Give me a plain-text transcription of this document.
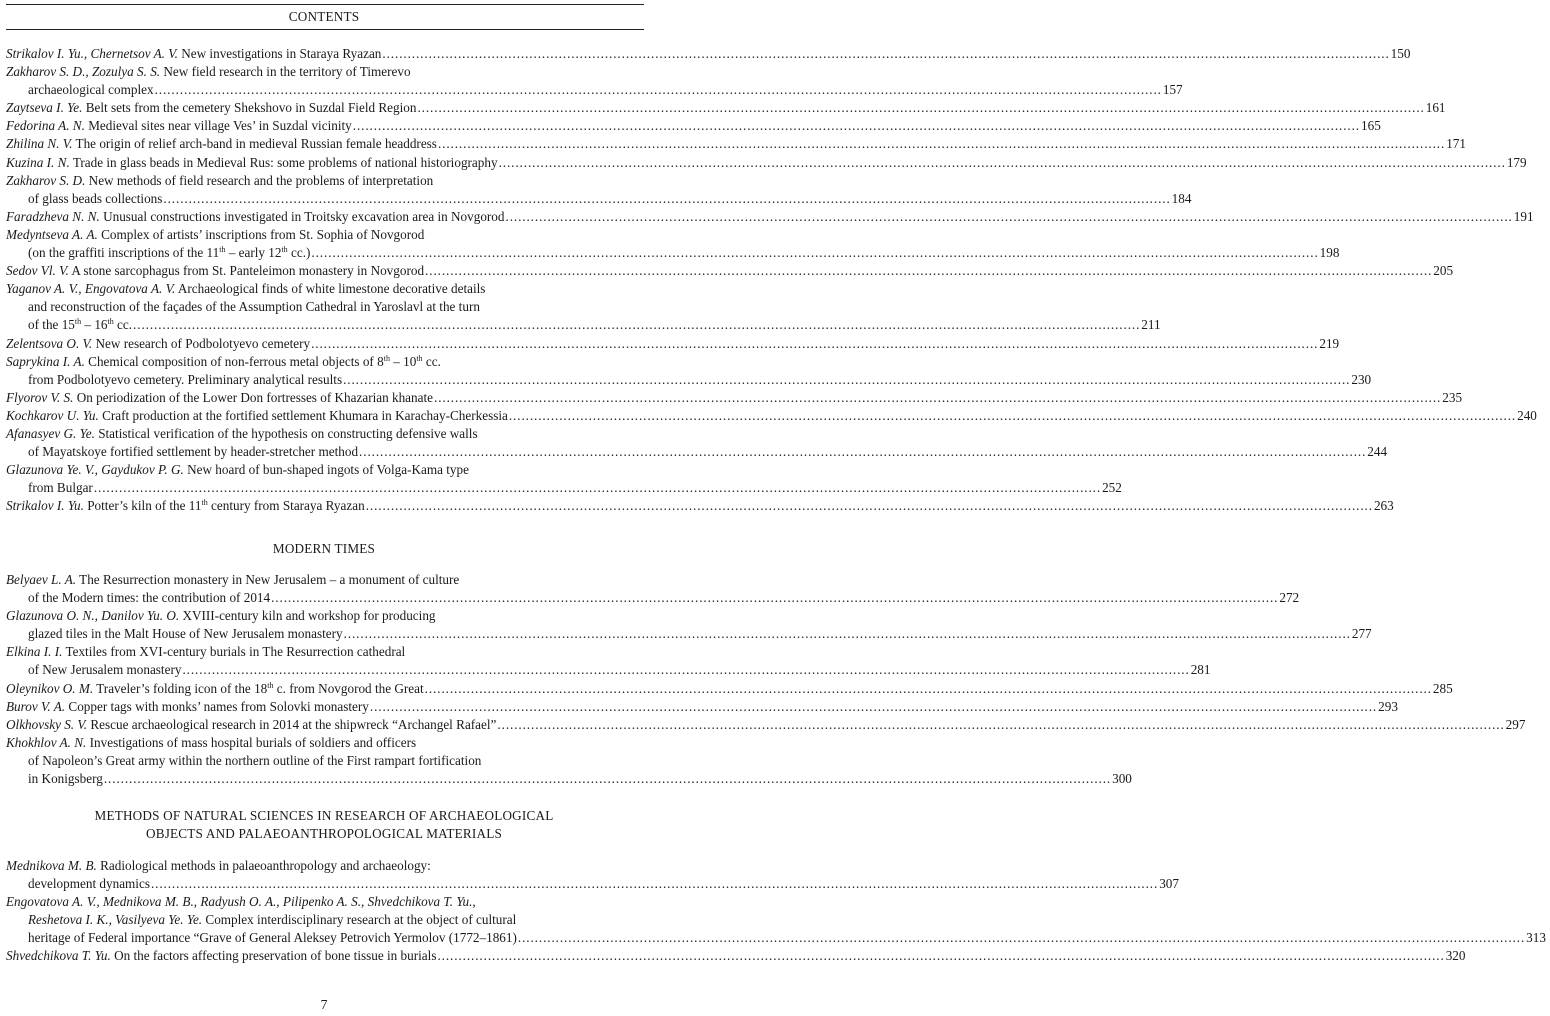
CONTENTS
Strikalov I. Yu., Chernetsov A. V. New investigations in Staraya Ryazan .....	150
Zakharov S. D., Zozulya S. S. New field research in the territory of Timerevo
archaeological complex .....	157
Zaytseva I. Ye. Belt sets from the cemetery Shekshovo in Suzdal Field Region .....	161
Fedorina A. N. Medieval sites near village Ves’ in Suzdal vicinity .....	165
Zhilina N. V. The origin of relief arch-band in medieval Russian female headdress .....	171
Kuzina I. N. Trade in glass beads in Medieval Rus: some problems of national historiography .....	179
Zakharov S. D. New methods of field research and the problems of interpretation
of glass beads collections .....	184
Faradzheva N. N. Unusual constructions investigated in Troitsky excavation area in Novgorod .....	191
Medyntseva A. A. Complex of artists’ inscriptions from St. Sophia of Novgorod
(on the graffiti inscriptions of the 11th – early 12th cc.) .....	198
Sedov Vl. V. A stone sarcophagus from St. Panteleimon monastery in Novgorod .....	205
Yaganov A. V., Engovatova A. V. Archaeological finds of white limestone decorative details
and reconstruction of the façades of the Assumption Cathedral in Yaroslavl at the turn
of the 15th – 16th cc. .....	211
Zelentsova O. V. New research of Podbolotyevo cemetery .....	219
Saprykina I. A. Chemical composition of non-ferrous metal objects of 8th – 10th cc.
from Podbolotyevo cemetery. Preliminary analytical results .....	230
Flyorov V. S. On periodization of the Lower Don fortresses of Khazarian khanate .....	235
Kochkarov U. Yu. Craft production at the fortified settlement Khumara in Karachay-Cherkessia .....	240
Afanasyev G. Ye. Statistical verification of the hypothesis on constructing defensive walls
of Mayatskoye fortified settlement by header-stretcher method .....	244
Glazunova Ye. V., Gaydukov P. G. New hoard of bun-shaped ingots of Volga-Kama type
from Bulgar .....	252
Strikalov I. Yu. Potter’s kiln of the 11th century from Staraya Ryazan .....	263
MODERN TIMES
Belyaev L. A. The Resurrection monastery in New Jerusalem – a monument of culture
of the Modern times: the contribution of 2014 .....	272
Glazunova O. N., Danilov Yu. O. XVIII-century kiln and workshop for producing
glazed tiles in the Malt House of New Jerusalem monastery .....	277
Elkina I. I. Textiles from XVI-century burials in The Resurrection cathedral
of New Jerusalem monastery .....	281
Oleynikov O. M. Traveler’s folding icon of the 18th c. from Novgorod the Great .....	285
Burov V. A. Copper tags with monks’ names from Solovki monastery .....	293
Olkhovsky S. V. Rescue archaeological research in 2014 at the shipwreck “Archangel Rafael” .....	297
Khokhlov A. N. Investigations of mass hospital burials of soldiers and officers
of Napoleon’s Great army within the northern outline of the First rampart fortification
in Konigsberg .....	300
METHODS OF NATURAL SCIENCES IN RESEARCH OF ARCHAEOLOGICAL
OBJECTS AND PALAEOANTHROPOLOGICAL MATERIALS
Mednikova M. B. Radiological methods in palaeoanthropology and archaeology:
development dynamics .....	307
Engovatova A. V., Mednikova M. B., Radyush O. A., Pilipenko A. S., Shvedchikova T. Yu.,
Reshetova I. K., Vasilyeva Ye. Ye. Complex interdisciplinary research at the object of cultural
heritage of Federal importance “Grave of General Aleksey Petrovich Yermolov (1772–1861) .....	313
Shvedchikova T. Yu. On the factors affecting preservation of bone tissue in burials .....	320
7
